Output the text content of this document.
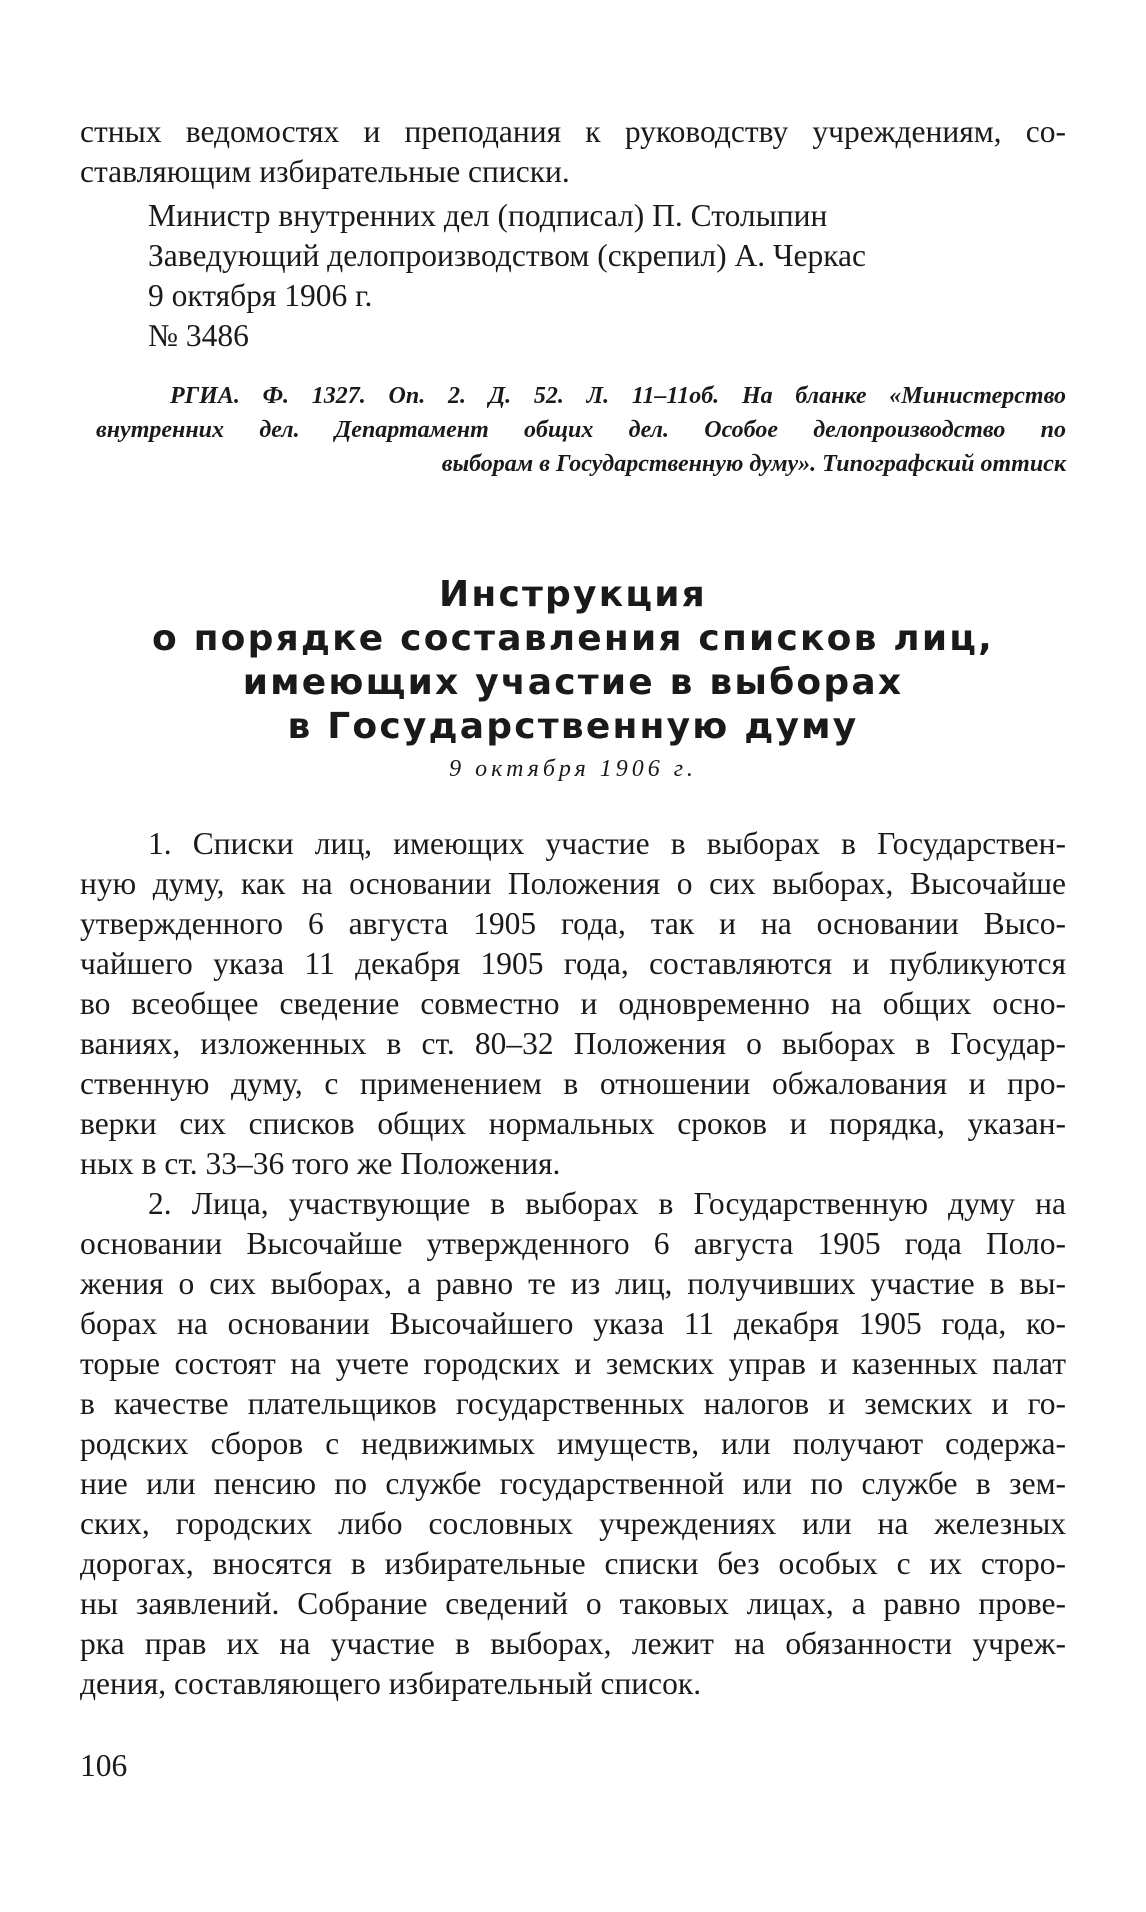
стных ведомостях и преподания к руководству учреждениям, со-
ставляющим избирательные списки.
Министр внутренних дел (подписал) П. Столыпин
Заведующий делопроизводством (скрепил) А. Черкас
9 октября 1906 г.
№ 3486
РГИА. Ф. 1327. Оп. 2. Д. 52. Л. 11–11об. На бланке «Министерство
внутренних дел. Департамент общих дел. Особое делопроизводство по
выборам в Государственную думу». Типографский оттиск
Инструкция
о порядке составления списков лиц,
имеющих участие в выборах
в Государственную думу
9 октября 1906 г.
1. Списки лиц, имеющих участие в выборах в Государствен-
ную думу, как на основании Положения о сих выборах, Высочайше
утвержденного 6 августа 1905 года, так и на основании Высо-
чайшего указа 11 декабря 1905 года, составляются и публикуются
во всеобщее сведение совместно и одновременно на общих осно-
ваниях, изложенных в ст. 80–32 Положения о выборах в Государ-
ственную думу, с применением в отношении обжалования и про-
верки сих списков общих нормальных сроков и порядка, указан-
ных в ст. 33–36 того же Положения.
2. Лица, участвующие в выборах в Государственную думу на
основании Высочайше утвержденного 6 августа 1905 года Поло-
жения о сих выборах, а равно те из лиц, получивших участие в вы-
борах на основании Высочайшего указа 11 декабря 1905 года, ко-
торые состоят на учете городских и земских управ и казенных палат
в качестве плательщиков государственных налогов и земских и го-
родских сборов с недвижимых имуществ, или получают содержа-
ние или пенсию по службе государственной или по службе в зем-
ских, городских либо сословных учреждениях или на железных
дорогах, вносятся в избирательные списки без особых с их сторо-
ны заявлений. Собрание сведений о таковых лицах, а равно прове-
рка прав их на участие в выборах, лежит на обязанности учреж-
дения, составляющего избирательный список.
106
